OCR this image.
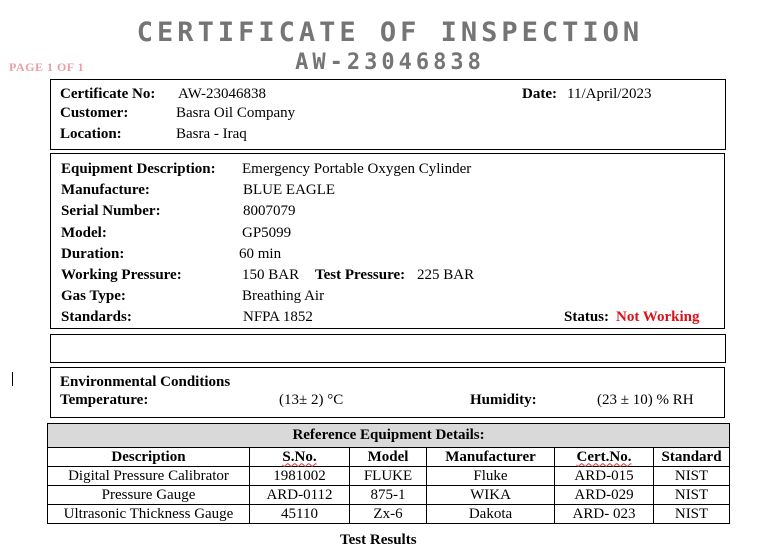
CERTIFICATE OF INSPECTION
AW-23046838
PAGE 1 OF 1
Certificate No: AW-23046838	Date: 11/April/2023
Customer:	Basra Oil Company
Location:	Basra - Iraq
Equipment Description: Emergency Portable Oxygen Cylinder
Manufacture:	BLUE EAGLE
Serial Number:	8007079
Model:	GP5099
Duration:	60 min
Working Pressure:	150 BAR Test Pressure: 225 BAR
Gas Type:	Breathing Air
Standards:	NFPA 1852	Status: Not Working
Environmental Conditions
Temperature:	(13± 2) °C	Humidity:	(23 ± 10) % RH
Reference Equipment Details:					
Description	S.No.	Model	Manufacturer	Cert.No.	Standard
Digital Pressure Calibrator	1981002	FLUKE	Fluke	ARD-015	NIST
Pressure Gauge	ARD-0112	875-1	WIKA	ARD-029	NIST
Ultrasonic Thickness Gauge	45110	Zx-6	Dakota	ARD- 023	NIST
Test Results
